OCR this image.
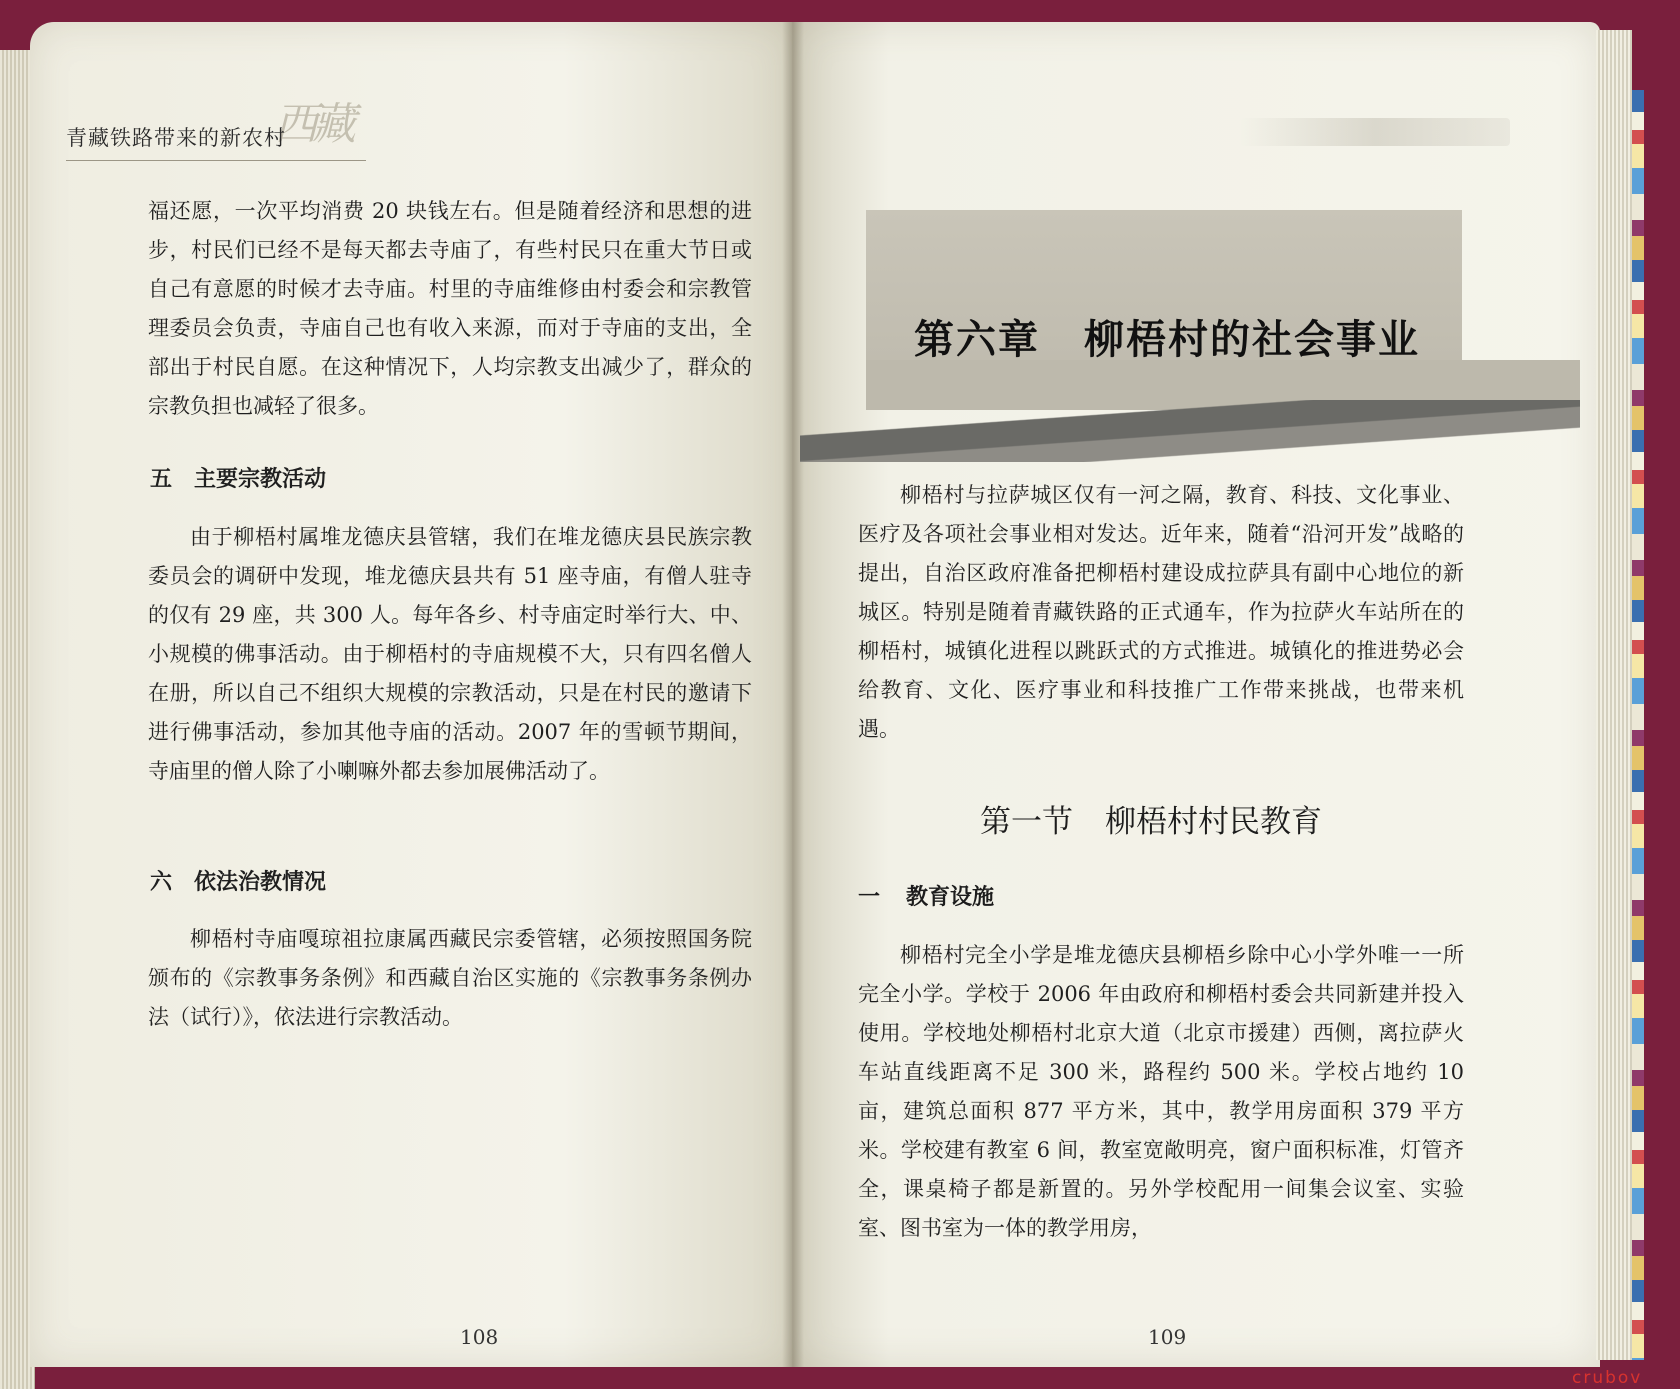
西藏
青藏铁路带来的新农村

福还愿，一次平均消费 20 块钱左右。但是随着经济和思想的进步，村民们已经不是每天都去寺庙了，有些村民只在重大节日或自己有意愿的时候才去寺庙。村里的寺庙维修由村委会和宗教管理委员会负责，寺庙自己也有收入来源，而对于寺庙的支出，全部出于村民自愿。在这种情况下，人均宗教支出减少了，群众的宗教负担也减轻了很多。

五　主要宗教活动

由于柳梧村属堆龙德庆县管辖，我们在堆龙德庆县民族宗教委员会的调研中发现，堆龙德庆县共有 51 座寺庙，有僧人驻寺的仅有 29 座，共 300 人。每年各乡、村寺庙定时举行大、中、小规模的佛事活动。由于柳梧村的寺庙规模不大，只有四名僧人在册，所以自己不组织大规模的宗教活动，只是在村民的邀请下进行佛事活动，参加其他寺庙的活动。2007 年的雪顿节期间，寺庙里的僧人除了小喇嘛外都去参加展佛活动了。

六　依法治教情况

柳梧村寺庙嘎琼祖拉康属西藏民宗委管辖，必须按照国务院颁布的《宗教事务条例》和西藏自治区实施的《宗教事务条例办法（试行）》，依法进行宗教活动。

108
第六章 柳梧村的社会事业

柳梧村与拉萨城区仅有一河之隔，教育、科技、文化事业、医疗及各项社会事业相对发达。近年来，随着“沿河开发”战略的提出，自治区政府准备把柳梧村建设成拉萨具有副中心地位的新城区。特别是随着青藏铁路的正式通车，作为拉萨火车站所在的柳梧村，城镇化进程以跳跃式的方式推进。城镇化的推进势必会给教育、文化、医疗事业和科技推广工作带来挑战，也带来机遇。

第一节 柳梧村村民教育
一 教育设施

柳梧村完全小学是堆龙德庆县柳梧乡除中心小学外唯一一所完全小学。学校于 2006 年由政府和柳梧村委会共同新建并投入使用。学校地处柳梧村北京大道（北京市援建）西侧，离拉萨火车站直线距离不足 300 米，路程约 500 米。学校占地约 10 亩，建筑总面积 877 平方米，其中，教学用房面积 379 平方米。学校建有教室 6 间，教室宽敞明亮，窗户面积标准，灯管齐全，课桌椅子都是新置的。另外学校配用一间集会议室、实验室、图书室为一体的教学用房，

109
crubov
